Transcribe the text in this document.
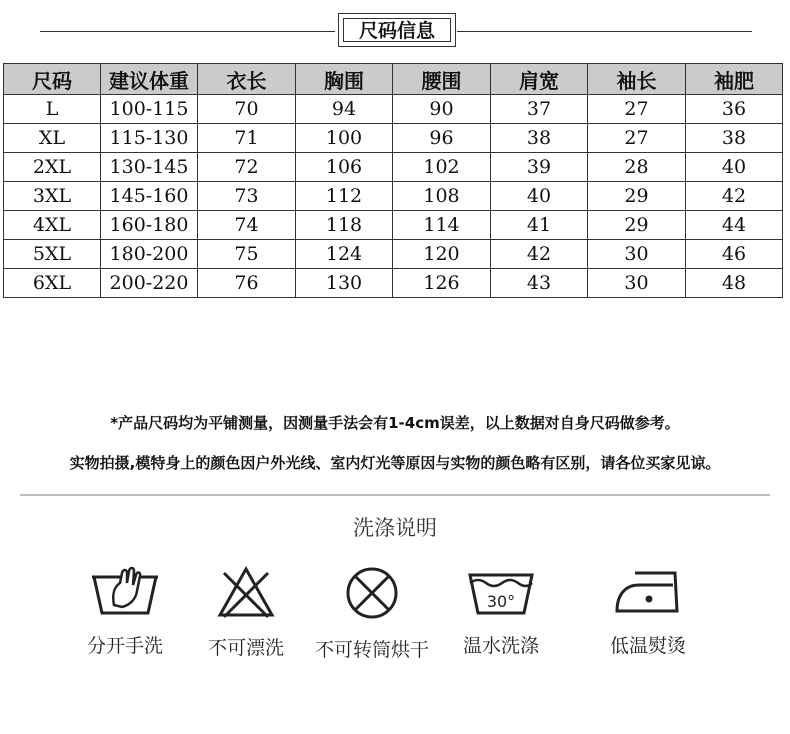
尺码信息
尺码	建议体重	衣长	胸围	腰围	肩宽	袖长	袖肥
L	100-115	70	94	90	37	27	36
XL	115-130	71	100	96	38	27	38
2XL	130-145	72	106	102	39	28	40
3XL	145-160	73	112	108	40	29	42
4XL	160-180	74	118	114	41	29	44
5XL	180-200	75	124	120	42	30	46
6XL	200-220	76	130	126	43	30	48
*产品尺码均为平铺测量，因测量手法会有1-4cm误差，以上数据对自身尺码做参考。
实物拍摄,模特身上的颜色因户外光线、室内灯光等原因与实物的颜色略有区别，请各位买家见谅。
洗涤说明
分开手洗	不可漂洗	不可转筒烘干
30°
温水洗涤	低温熨烫
